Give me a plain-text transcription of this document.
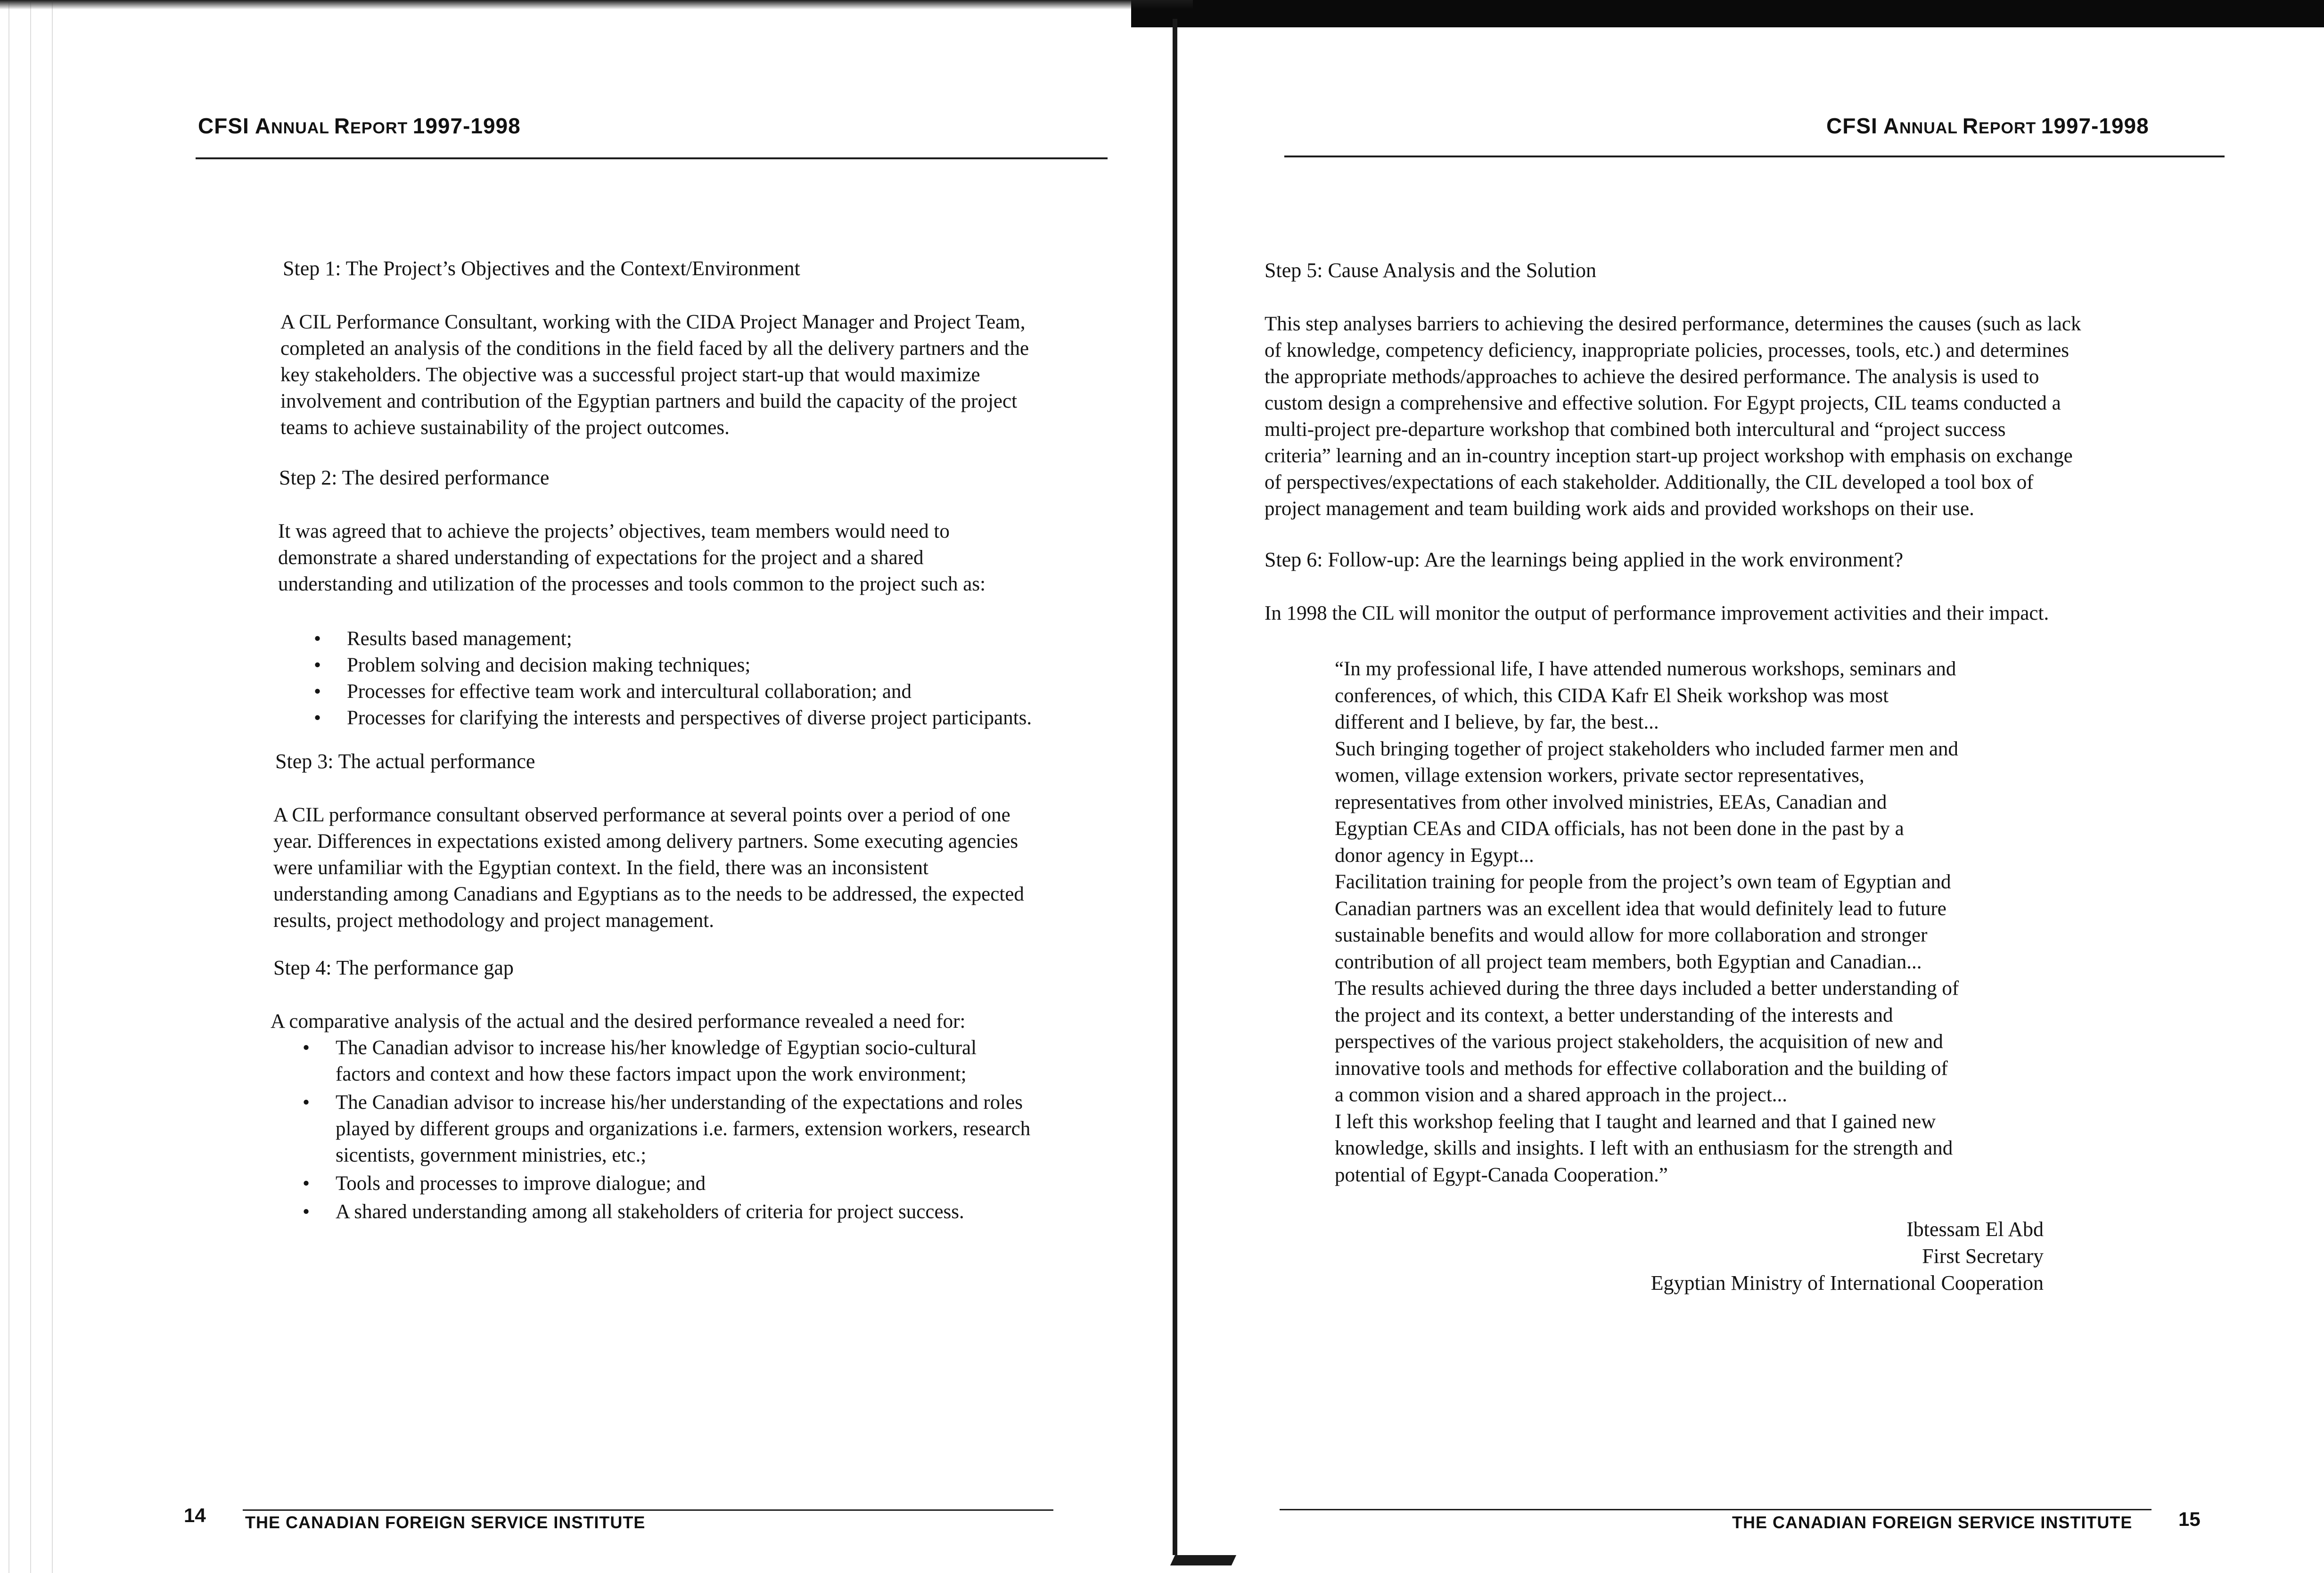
CFSI ANNUAL REPORT 1997-1998	CFSI ANNUAL REPORT 1997-1998

Step 1: The Project’s Objectives and the Context/Environment

A CIL Performance Consultant, working with the CIDA Project Manager and Project Team,

completed an analysis of the conditions in the field faced by all the delivery partners and the

key stakeholders. The objective was a successful project start-up that would maximize

involvement and contribution of the Egyptian partners and build the capacity of the project

teams to achieve sustainability of the project outcomes.

Step 2: The desired performance

It was agreed that to achieve the projects’ objectives, team members would need to

demonstrate a shared understanding of expectations for the project and a shared

understanding and utilization of the processes and tools common to the project such as:

• Results based management;
• Problem solving and decision making techniques;
• Processes for effective team work and intercultural collaboration; and
• Processes for clarifying the interests and perspectives of diverse project participants.

Step 3: The actual performance

A CIL performance consultant observed performance at several points over a period of one

year. Differences in expectations existed among delivery partners. Some executing agencies

were unfamiliar with the Egyptian context. In the field, there was an inconsistent

understanding among Canadians and Egyptians as to the needs to be addressed, the expected

results, project methodology and project management.

Step 4: The performance gap

A comparative analysis of the actual and the desired performance revealed a need for:

• The Canadian advisor to increase his/her knowledge of Egyptian socio-cultural
factors and context and how these factors impact upon the work environment;
• The Canadian advisor to increase his/her understanding of the expectations and roles
played by different groups and organizations i.e. farmers, extension workers, research
sicentists, government ministries, etc.;
• Tools and processes to improve dialogue; and
• A shared understanding among all stakeholders of criteria for project success.

Step 5: Cause Analysis and the Solution

This step analyses barriers to achieving the desired performance, determines the causes (such as lack

of knowledge, competency deficiency, inappropriate policies, processes, tools, etc.) and determines

the appropriate methods/approaches to achieve the desired performance. The analysis is used to

custom design a comprehensive and effective solution. For Egypt projects, CIL teams conducted a

multi-project pre-departure workshop that combined both intercultural and “project success

criteria” learning and an in-country inception start-up project workshop with emphasis on exchange

of perspectives/expectations of each stakeholder. Additionally, the CIL developed a tool box of

project management and team building work aids and provided workshops on their use.

Step 6: Follow-up: Are the learnings being applied in the work environment?

In 1998 the CIL will monitor the output of performance improvement activities and their impact.

“In my professional life, I have attended numerous workshops, seminars and

conferences, of which, this CIDA Kafr El Sheik workshop was most

different and I believe, by far, the best...

Such bringing together of project stakeholders who included farmer men and

women, village extension workers, private sector representatives,

representatives from other involved ministries, EEAs, Canadian and

Egyptian CEAs and CIDA officials, has not been done in the past by a

donor agency in Egypt...

Facilitation training for people from the project’s own team of Egyptian and

Canadian partners was an excellent idea that would definitely lead to future

sustainable benefits and would allow for more collaboration and stronger

contribution of all project team members, both Egyptian and Canadian...

The results achieved during the three days included a better understanding of

the project and its context, a better understanding of the interests and

perspectives of the various project stakeholders, the acquisition of new and

innovative tools and methods for effective collaboration and the building of

a common vision and a shared approach in the project...

I left this workshop feeling that I taught and learned and that I gained new

knowledge, skills and insights. I left with an enthusiasm for the strength and

potential of Egypt-Canada Cooperation.”

Ibtessam El Abd

First Secretary

Egyptian Ministry of International Cooperation

14 THE CANADIAN FOREIGN SERVICE INSTITUTE	THE CANADIAN FOREIGN SERVICE INSTITUTE 15
